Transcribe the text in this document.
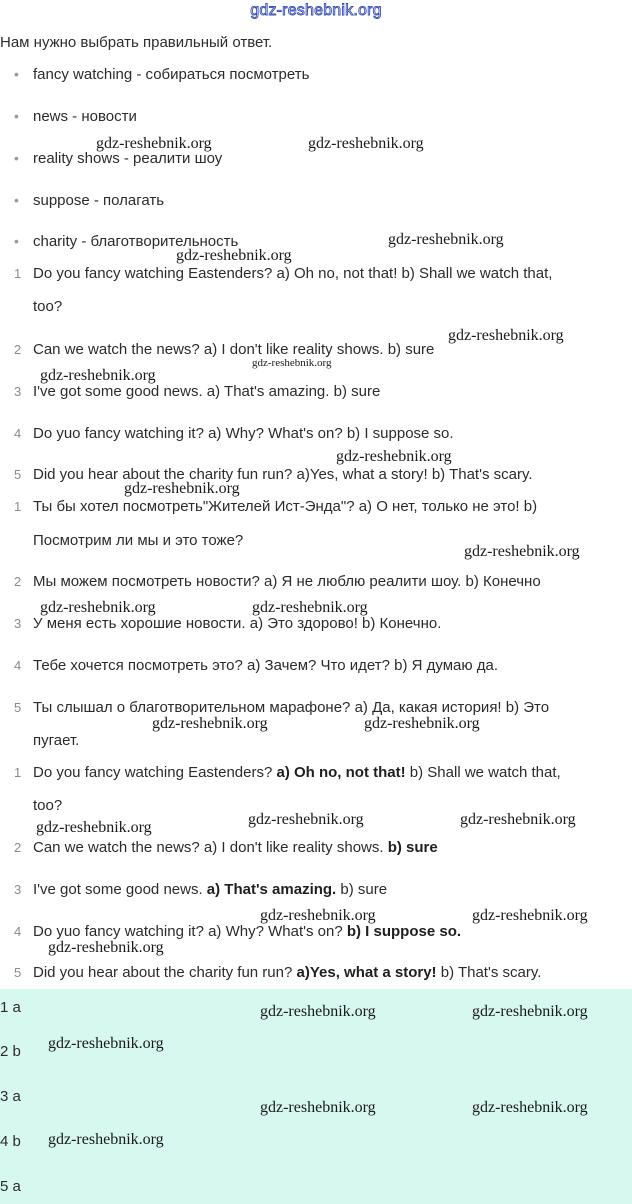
gdz-reshebnik.org
Нам нужно выбрать правильный ответ.
• fancy watching - собираться посмотреть
• news - новости
• reality shows - реалити шоу
• suppose - полагать
• charity - благотворительность
1 Do you fancy watching Eastenders? a) Oh no, not that! b) Shall we watch that,
too?
2 Can we watch the news? a) I don't like reality shows. b) sure
3 I've got some good news. a) That's amazing. b) sure
4 Do yuo fancy watching it? a) Why? What's on? b) I suppose so.
5 Did you hear about the charity fun run? a)Yes, what a story! b) That's scary.
1 Ты бы хотел посмотреть"Жителей Ист-Энда"? а) О нет, только не это! b)
Посмотрим ли мы и это тоже?
2 Мы можем посмотреть новости? а) Я не люблю реалити шоу. b) Конечно
3 У меня есть хорошие новости. а) Это здорово! b) Конечно.
4 Тебе хочется посмотреть это? а) Зачем? Что идет? b) Я думаю да.
5 Ты слышал о благотворительном марафоне? а) Да, какая история! b) Это
пугает.
1 Do you fancy watching Eastenders? a) Oh no, not that! b) Shall we watch that,
too?
2 Can we watch the news? a) I don't like reality shows. b) sure
3 I've got some good news. a) That's amazing. b) sure
4 Do yuo fancy watching it? a) Why? What's on? b) I suppose so.
5 Did you hear about the charity fun run? a)Yes, what a story! b) That's scary.
1 a
2 b
3 a
4 b
5 a
gdz-reshebnik.org	gdz-reshebnik.org
gdz-reshebnik.org
gdz-reshebnik.org
gdz-reshebnik.org
gdz-reshebnik.org
gdz-reshebnik.org
gdz-reshebnik.org
gdz-reshebnik.org
gdz-reshebnik.org
gdz-reshebnik.org	gdz-reshebnik.org
gdz-reshebnik.org	gdz-reshebnik.org
gdz-reshebnik.org	gdz-reshebnik.org
gdz-reshebnik.org
gdz-reshebnik.org	gdz-reshebnik.org
gdz-reshebnik.org
gdz-reshebnik.org	gdz-reshebnik.org
gdz-reshebnik.org
gdz-reshebnik.org	gdz-reshebnik.org
gdz-reshebnik.org
